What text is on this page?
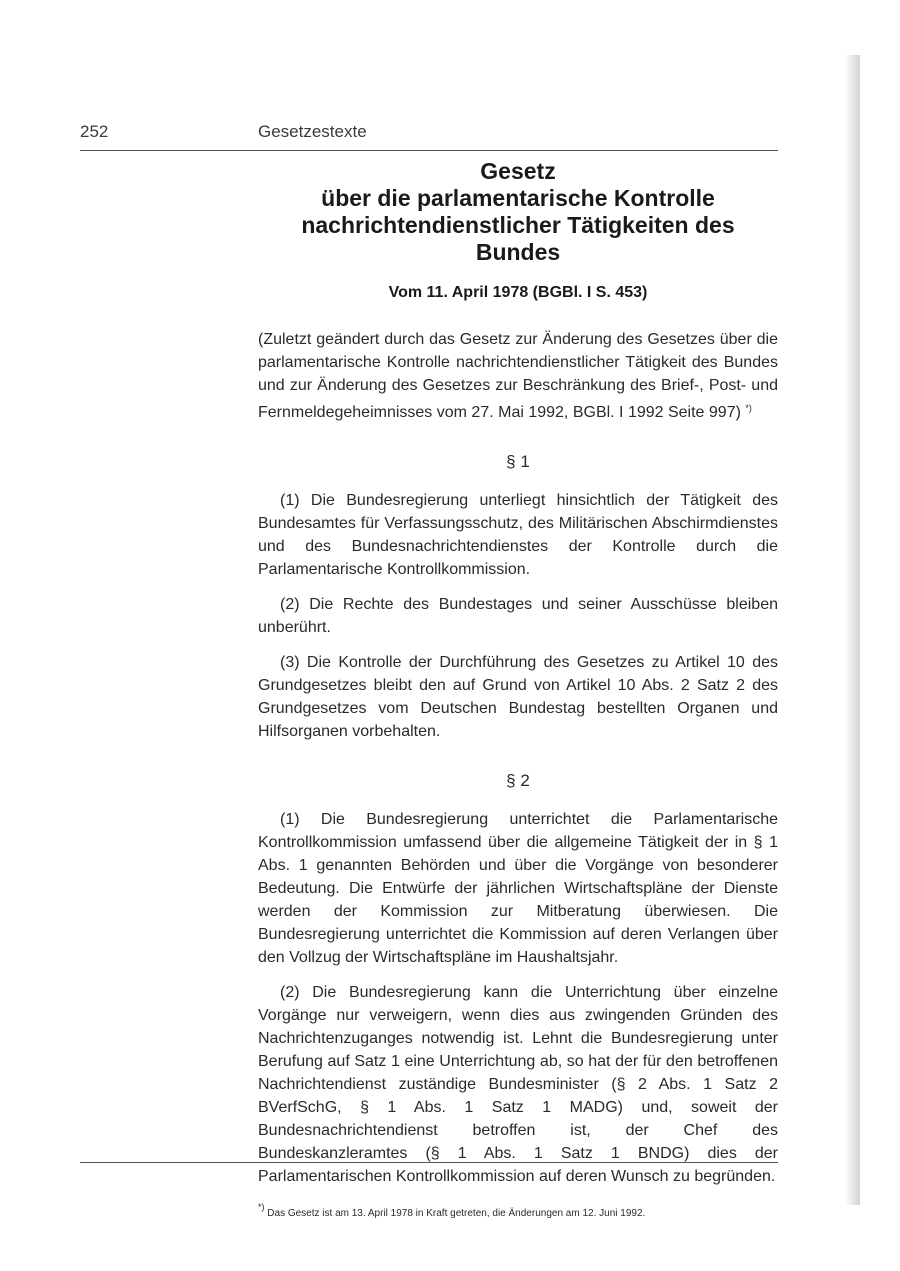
252	Gesetzestexte
Gesetz
über die parlamentarische Kontrolle
nachrichtendienstlicher Tätigkeiten des Bundes

Vom 11. April 1978 (BGBl. I S. 453)

(Zuletzt geändert durch das Gesetz zur Änderung des Gesetzes über die parlamentarische Kontrolle nachrichtendienstlicher Tätigkeit des Bundes und zur Änderung des Gesetzes zur Beschränkung des Brief-, Post- und Fernmeldegeheimnisses vom 27. Mai 1992, BGBl. I 1992 Seite 997) *)

§ 1

(1) Die Bundesregierung unterliegt hinsichtlich der Tätigkeit des Bundesamtes für Verfassungsschutz, des Militärischen Abschirmdienstes und des Bundesnachrichtendienstes der Kontrolle durch die Parlamentarische Kontrollkommission.

(2) Die Rechte des Bundestages und seiner Ausschüsse bleiben unberührt.

(3) Die Kontrolle der Durchführung des Gesetzes zu Artikel 10 des Grundgesetzes bleibt den auf Grund von Artikel 10 Abs. 2 Satz 2 des Grundgesetzes vom Deutschen Bundestag bestellten Organen und Hilfsorganen vorbehalten.

§ 2

(1) Die Bundesregierung unterrichtet die Parlamentarische Kontrollkommission umfassend über die allgemeine Tätigkeit der in § 1 Abs. 1 genannten Behörden und über die Vorgänge von besonderer Bedeutung. Die Entwürfe der jährlichen Wirtschaftspläne der Dienste werden der Kommission zur Mitberatung überwiesen. Die Bundesregierung unterrichtet die Kommission auf deren Verlangen über den Vollzug der Wirtschaftspläne im Haushaltsjahr.

(2) Die Bundesregierung kann die Unterrichtung über einzelne Vorgänge nur verweigern, wenn dies aus zwingenden Gründen des Nachrichtenzuganges notwendig ist. Lehnt die Bundesregierung unter Berufung auf Satz 1 eine Unterrichtung ab, so hat der für den betroffenen Nachrichtendienst zuständige Bundesminister (§ 2 Abs. 1 Satz 2 BVerfSchG, § 1 Abs. 1 Satz 1 MADG) und, soweit der Bundesnachrichtendienst betroffen ist, der Chef des Bundeskanzleramtes (§ 1 Abs. 1 Satz 1 BNDG) dies der Parlamentarischen Kontrollkommission auf deren Wunsch zu begründen.

*) Das Gesetz ist am 13. April 1978 in Kraft getreten, die Änderungen am 12. Juni 1992.
